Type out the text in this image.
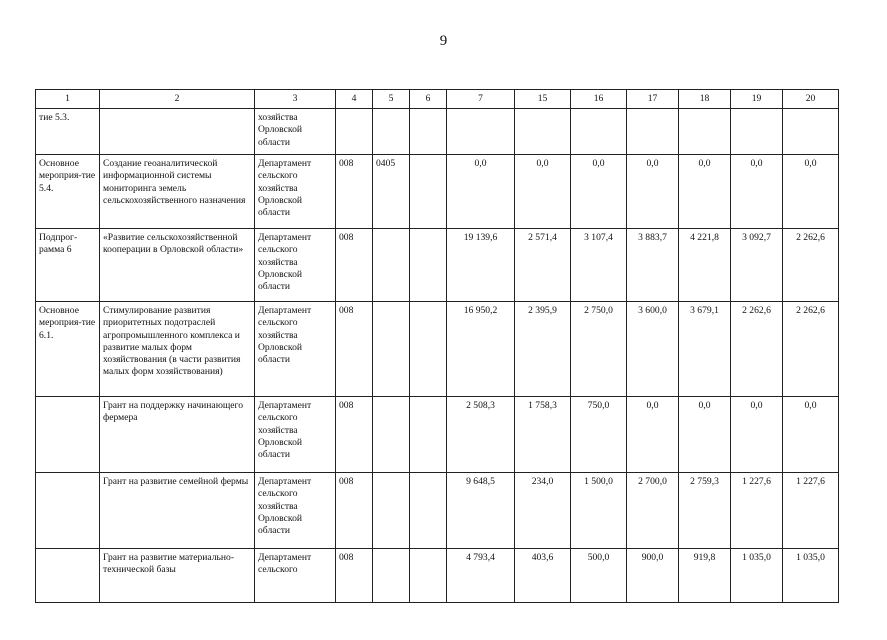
9
1	2	3	4	5	6	7	15	16	17	18	19	20
тие 5.3.		хозяйства Орловской области										
Основное мероприя-тие 5.4.	Создание геоаналитической информационной системы мониторинга земель сельскохозяйственного назначения	Департамент сельского хозяйства Орловской области	008	0405		0,0	0,0	0,0	0,0	0,0	0,0	0,0
Подпрог-рамма 6	«Развитие сельскохозяйственной кооперации в Орловской области»	Департамент сельского хозяйства Орловской области	008			19 139,6	2 571,4	3 107,4	3 883,7	4 221,8	3 092,7	2 262,6
Основное мероприя-тие 6.1.	Стимулирование развития приоритетных подотраслей агропромышленного комплекса и развитие малых форм хозяйствования (в части развития малых форм хозяйствования)	Департамент сельского хозяйства Орловской области	008			16 950,2	2 395,9	2 750,0	3 600,0	3 679,1	2 262,6	2 262,6
	Грант на поддержку начинающего фермера	Департамент сельского хозяйства Орловской области	008			2 508,3	1 758,3	750,0	0,0	0,0	0,0	0,0
	Грант на развитие семейной фермы	Департамент сельского хозяйства Орловской области	008			9 648,5	234,0	1 500,0	2 700,0	2 759,3	1 227,6	1 227,6
	Грант на развитие материально-технической базы	Департамент сельского	008			4 793,4	403,6	500,0	900,0	919,8	1 035,0	1 035,0
